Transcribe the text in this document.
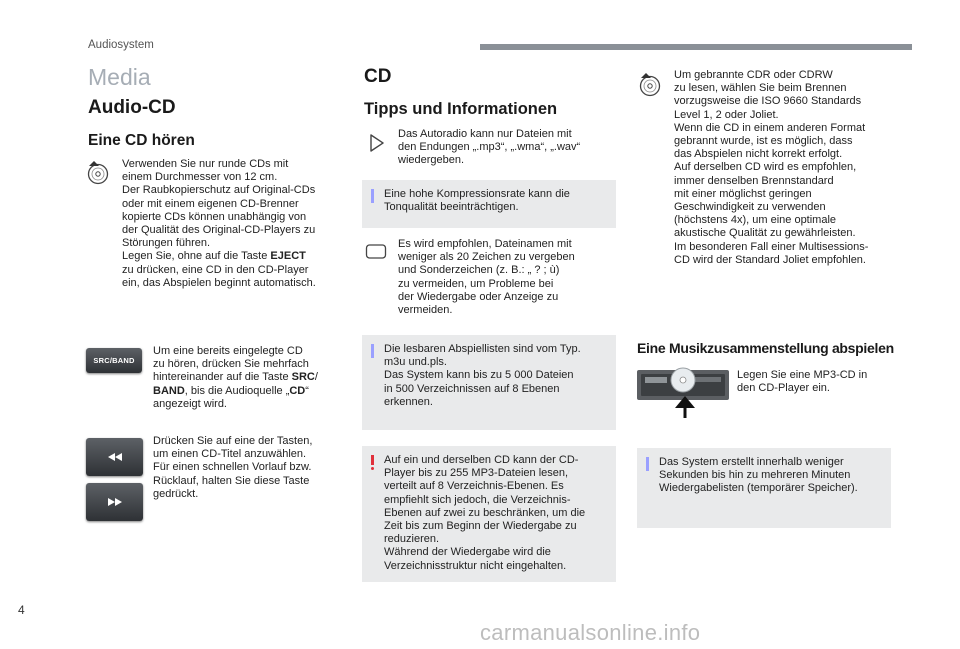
Audiosystem
Media
Audio-CD
Eine CD hören
Verwenden Sie nur runde CDs mit
einem Durchmesser von 12 cm.
Der Raubkopierschutz auf Original-CDs
oder mit einem eigenen CD-Brenner
kopierte CDs können unabhängig von
der Qualität des Original-CD-Players zu
Störungen führen.
Legen Sie, ohne auf die Taste EJECT
zu drücken, eine CD in den CD-Player
ein, das Abspielen beginnt automatisch.
SRC/BAND
Um eine bereits eingelegte CD
zu hören, drücken Sie mehrfach
hintereinander auf die Taste SRC/
BAND, bis die Audioquelle „CD“
angezeigt wird.
Drücken Sie auf eine der Tasten,
um einen CD-Titel anzuwählen.
Für einen schnellen Vorlauf bzw.
Rücklauf, halten Sie diese Taste
gedrückt.
CD
Tipps und Informationen
Das Autoradio kann nur Dateien mit
den Endungen „.mp3“, „.wma“, „.wav“
wiedergeben.
Eine hohe Kompressionsrate kann die
Tonqualität beeinträchtigen.
Es wird empfohlen, Dateinamen mit
weniger als 20 Zeichen zu vergeben
und Sonderzeichen (z. B.: „ ? ; ù)
zu vermeiden, um Probleme bei
der Wiedergabe oder Anzeige zu
vermeiden.
Die lesbaren Abspiellisten sind vom Typ.
m3u und.pls.
Das System kann bis zu 5 000 Dateien
in 500 Verzeichnissen auf 8 Ebenen
erkennen.
Auf ein und derselben CD kann der CD-
Player bis zu 255 MP3-Dateien lesen,
verteilt auf 8 Verzeichnis-Ebenen. Es
empfiehlt sich jedoch, die Verzeichnis-
Ebenen auf zwei zu beschränken, um die
Zeit bis zum Beginn der Wiedergabe zu
reduzieren.
Während der Wiedergabe wird die
Verzeichnisstruktur nicht eingehalten.
Um gebrannte CDR oder CDRW
zu lesen, wählen Sie beim Brennen
vorzugsweise die ISO 9660 Standards
Level 1, 2 oder Joliet.
Wenn die CD in einem anderen Format
gebrannt wurde, ist es möglich, dass
das Abspielen nicht korrekt erfolgt.
Auf derselben CD wird es empfohlen,
immer denselben Brennstandard
mit einer möglichst geringen
Geschwindigkeit zu verwenden
(höchstens 4x), um eine optimale
akustische Qualität zu gewährleisten.
Im besonderen Fall einer Multisessions-
CD wird der Standard Joliet empfohlen.
Eine Musikzusammenstellung abspielen
Legen Sie eine MP3-CD in
den CD-Player ein.
Das System erstellt innerhalb weniger
Sekunden bis hin zu mehreren Minuten
Wiedergabelisten (temporärer Speicher).
4
carmanualsonline.info
